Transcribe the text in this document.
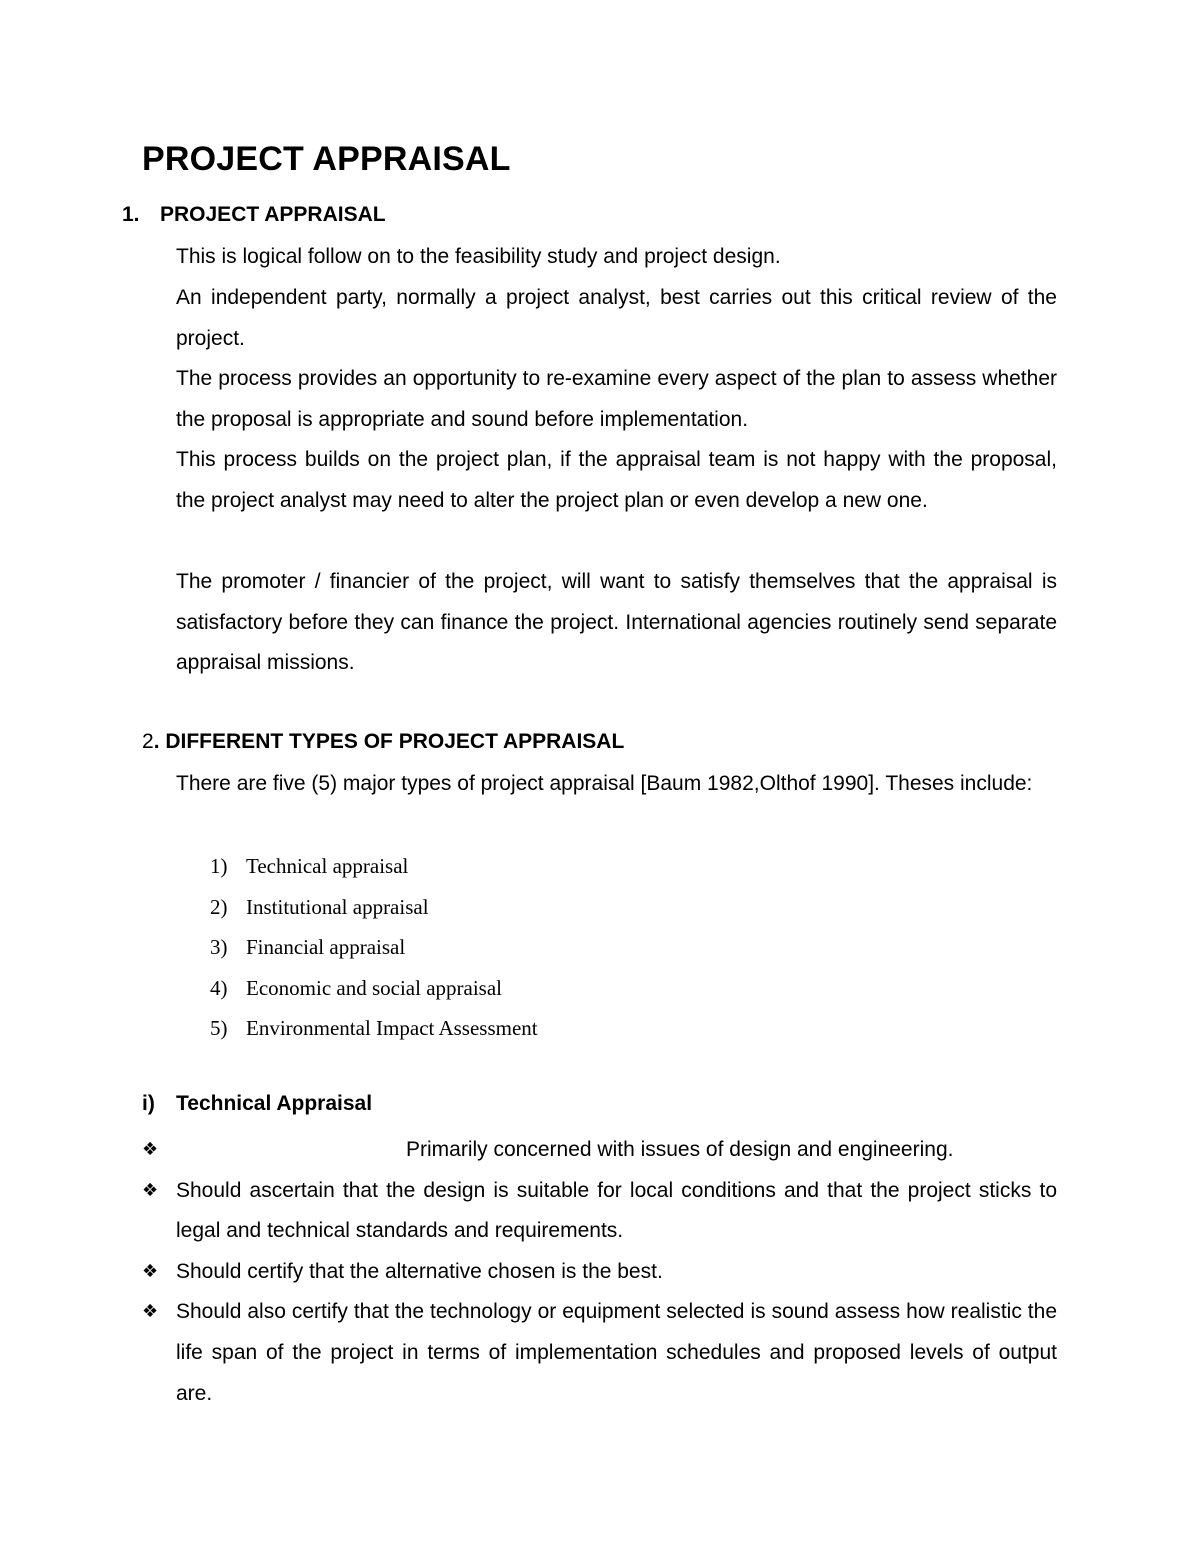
PROJECT APPRAISAL
1. PROJECT APPRAISAL

This is logical follow on to the feasibility study and project design.

An independent party, normally a project analyst, best carries out this critical review of the project.

The process provides an opportunity to re-examine every aspect of the plan to assess whether the proposal is appropriate and sound before implementation.

This process builds on the project plan, if the appraisal team is not happy with the proposal, the project analyst may need to alter the project plan or even develop a new one.

The promoter / financier of the project, will want to satisfy themselves that the appraisal is satisfactory before they can finance the project. International agencies routinely send separate appraisal missions.

2. DIFFERENT TYPES OF PROJECT APPRAISAL

There are five (5) major types of project appraisal [Baum 1982,Olthof 1990]. Theses include:

1) Technical appraisal
2) Institutional appraisal
3) Financial appraisal
4) Economic and social appraisal
5) Environmental Impact Assessment
i) Technical Appraisal
❖	Primarily concerned with issues of design and engineering.
❖ Should ascertain that the design is suitable for local conditions and that the project sticks to legal and technical standards and requirements.
❖ Should certify that the alternative chosen is the best.
❖ Should also certify that the technology or equipment selected is sound assess how realistic the life span of the project in terms of implementation schedules and proposed levels of output are.
